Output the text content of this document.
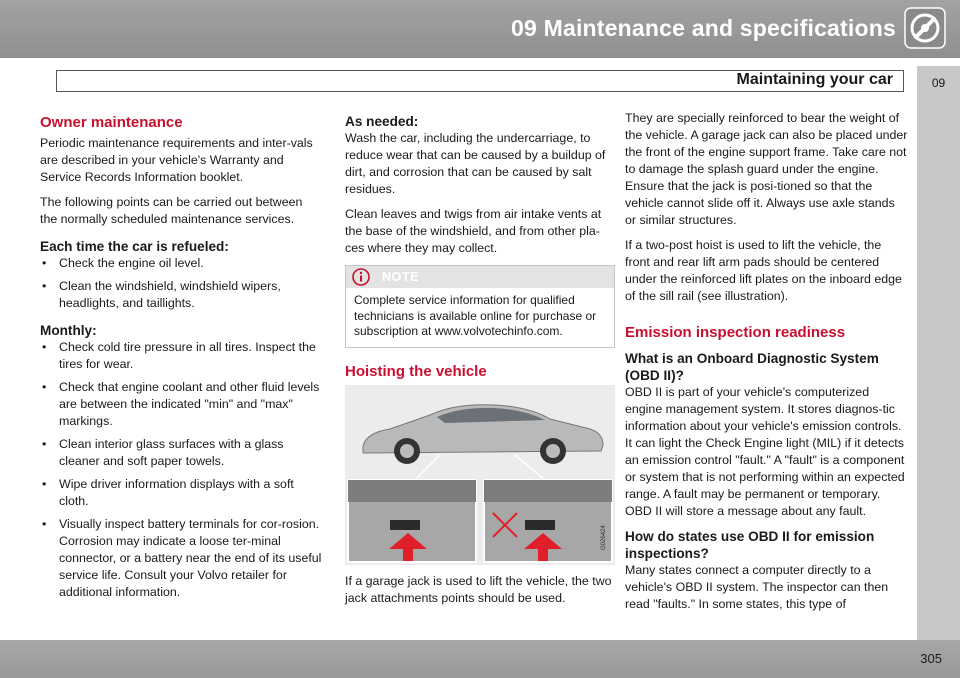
09 Maintenance and specifications
Maintaining your car	09
Owner maintenance

Periodic maintenance requirements and inter-vals are described in your vehicle's Warranty and Service Records Information booklet.

The following points can be carried out between the normally scheduled maintenance services.

Each time the car is refueled:
• Check the engine oil level.
• Clean the windshield, windshield wipers, headlights, and taillights.
Monthly:
• Check cold tire pressure in all tires. Inspect the tires for wear.
• Check that engine coolant and other fluid levels are between the indicated "min" and "max" markings.
• Clean interior glass surfaces with a glass cleaner and soft paper towels.
• Wipe driver information displays with a soft cloth.
• Visually inspect battery terminals for cor-rosion. Corrosion may indicate a loose ter-minal connector, or a battery near the end of its useful service life. Consult your Volvo retailer for additional information.
As needed:

Wash the car, including the undercarriage, to reduce wear that can be caused by a buildup of dirt, and corrosion that can be caused by salt residues.

Clean leaves and twigs from air intake vents at the base of the windshield, and from other pla-ces where they may collect.

NOTE
Complete service information for qualified technicians is available online for purchase or subscription at www.volvotechinfo.com.
Hoisting the vehicle
G026424

If a garage jack is used to lift the vehicle, the two jack attachments points should be used.

They are specially reinforced to bear the weight of the vehicle. A garage jack can also be placed under the front of the engine support frame. Take care not to damage the splash guard under the engine. Ensure that the jack is posi-tioned so that the vehicle cannot slide off it. Always use axle stands or similar structures.

If a two-post hoist is used to lift the vehicle, the front and rear lift arm pads should be centered under the reinforced lift plates on the inboard edge of the sill rail (see illustration).

Emission inspection readiness
What is an Onboard Diagnostic System (OBD II)?

OBD II is part of your vehicle's computerized engine management system. It stores diagnos-tic information about your vehicle's emission controls. It can light the Check Engine light (MIL) if it detects an emission control "fault." A "fault" is a component or system that is not performing within an expected range. A fault may be permanent or temporary. OBD II will store a message about any fault.

How do states use OBD II for emission inspections?

Many states connect a computer directly to a vehicle's OBD II system. The inspector can then read "faults." In some states, this type of

305
